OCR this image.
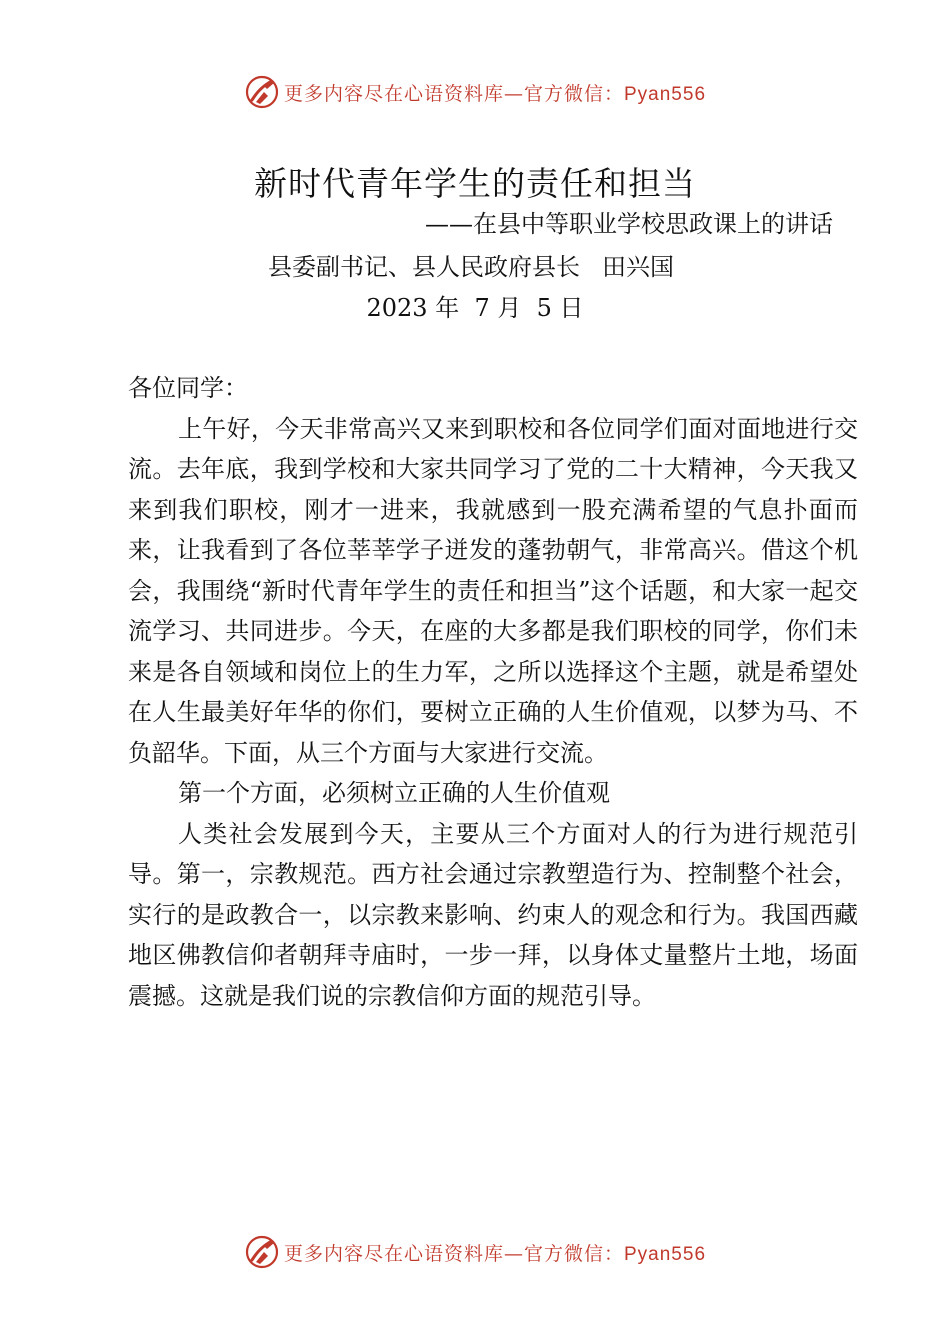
更多内容尽在心语资料库—官方微信：Pyan556
新时代青年学生的责任和担当
——在县中等职业学校思政课上的讲话
县委副书记、县人民政府县长 田兴国
2023 年  7 月  5 日

各位同学：

上午好，今天非常高兴又来到职校和各位同学们面对面地进行交流。去年底，我到学校和大家共同学习了党的二十大精神，今天我又来到我们职校，刚才一进来，我就感到一股充满希望的气息扑面而来，让我看到了各位莘莘学子迸发的蓬勃朝气，非常高兴。借这个机会，我围绕“新时代青年学生的责任和担当”这个话题，和大家一起交流学习、共同进步。今天，在座的大多都是我们职校的同学，你们未来是各自领域和岗位上的生力军，之所以选择这个主题，就是希望处在人生最美好年华的你们，要树立正确的人生价值观，以梦为马、不负韶华。下面，从三个方面与大家进行交流。

第一个方面，必须树立正确的人生价值观

人类社会发展到今天，主要从三个方面对人的行为进行规范引导。第一，宗教规范。西方社会通过宗教塑造行为、控制整个社会，实行的是政教合一，以宗教来影响、约束人的观念和行为。我国西藏地区佛教信仰者朝拜寺庙时，一步一拜，以身体丈量整片土地，场面震撼。这就是我们说的宗教信仰方面的规范引导。

更多内容尽在心语资料库—官方微信：Pyan556
